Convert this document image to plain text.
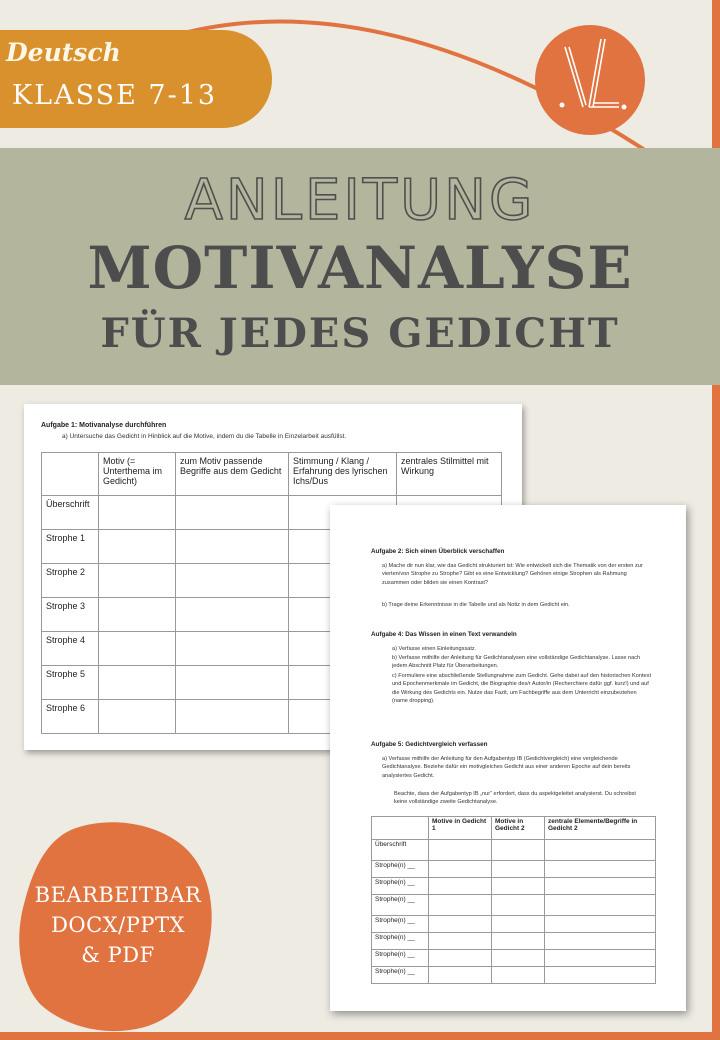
Deutsch
KLASSE 7-13
ANLEITUNG
MOTIVANALYSE
FÜR JEDES GEDICHT
Aufgabe 1: Motivanalyse durchführen
a) Untersuche das Gedicht in Hinblick auf die Motive, indem du die Tabelle in Einzelarbeit ausfüllst.
	Motiv (= Unterthema im Gedicht)	zum Motiv passende Begriffe aus dem Gedicht	Stimmung / Klang / Erfahrung des lyrischen Ichs/Dus	zentrales Stilmittel mit Wirkung
Überschrift				
Strophe 1				
Strophe 2				
Strophe 3				
Strophe 4				
Strophe 5				
Strophe 6				
Aufgabe 2: Sich einen Überblick verschaffen
a) Mache dir nun klar, wie das Gedicht strukturiert ist: Wie entwickelt sich die Thematik von der ersten zur vierten/von Strophe zu Strophe? Gibt es eine Entwicklung? Gehören einige Strophen als Rahmung zusammen oder bilden sie einen Kontrast?
b) Trage deine Erkenntnisse in die Tabelle und als Notiz in dem Gedicht ein.
Aufgabe 4: Das Wissen in einen Text verwandeln
a) Verfasse einen Einleitungssatz.
b) Verfasse mithilfe der Anleitung für Gedichtanalysen eine vollständige Gedichtanalyse. Lasse nach jedem Abschnitt Platz für Überarbeitungen.
c) Formuliere eine abschließende Stellungnahme zum Gedicht. Gehe dabei auf den historischen Kontext und Epochenmerkmale im Gedicht, die Biographie des/r Autor/in (Recherchiere dafür ggf. kurz!) und auf die Wirkung des Gedichts ein. Nutze das Fazit, um Fachbegriffe aus dem Unterricht einzubeziehen (name dropping).
Aufgabe 5: Gedichtvergleich verfassen
a) Verfasse mithilfe der Anleitung für den Aufgabentyp IB (Gedichtvergleich) eine vergleichende Gedichtanalyse. Beziehe dafür ein motivgleiches Gedicht aus einer anderen Epoche auf dein bereits analysiertes Gedicht.
Beachte, dass der Aufgabentyp IB „nur“ erfordert, dass du aspektgeleitet analysierst. Du schreibst keine vollständige zweite Gedichtanalyse.
	Motive in Gedicht 1	Motive in Gedicht 2	zentrale Elemente/Begriffe in Gedicht 2
Überschrift			
Strophe(n) __			
Strophe(n) __			
Strophe(n) __			
Strophe(n) __			
Strophe(n) __			
Strophe(n) __			
Strophe(n) __			
BEARBEITBAR
DOCX/PPTX
& PDF
